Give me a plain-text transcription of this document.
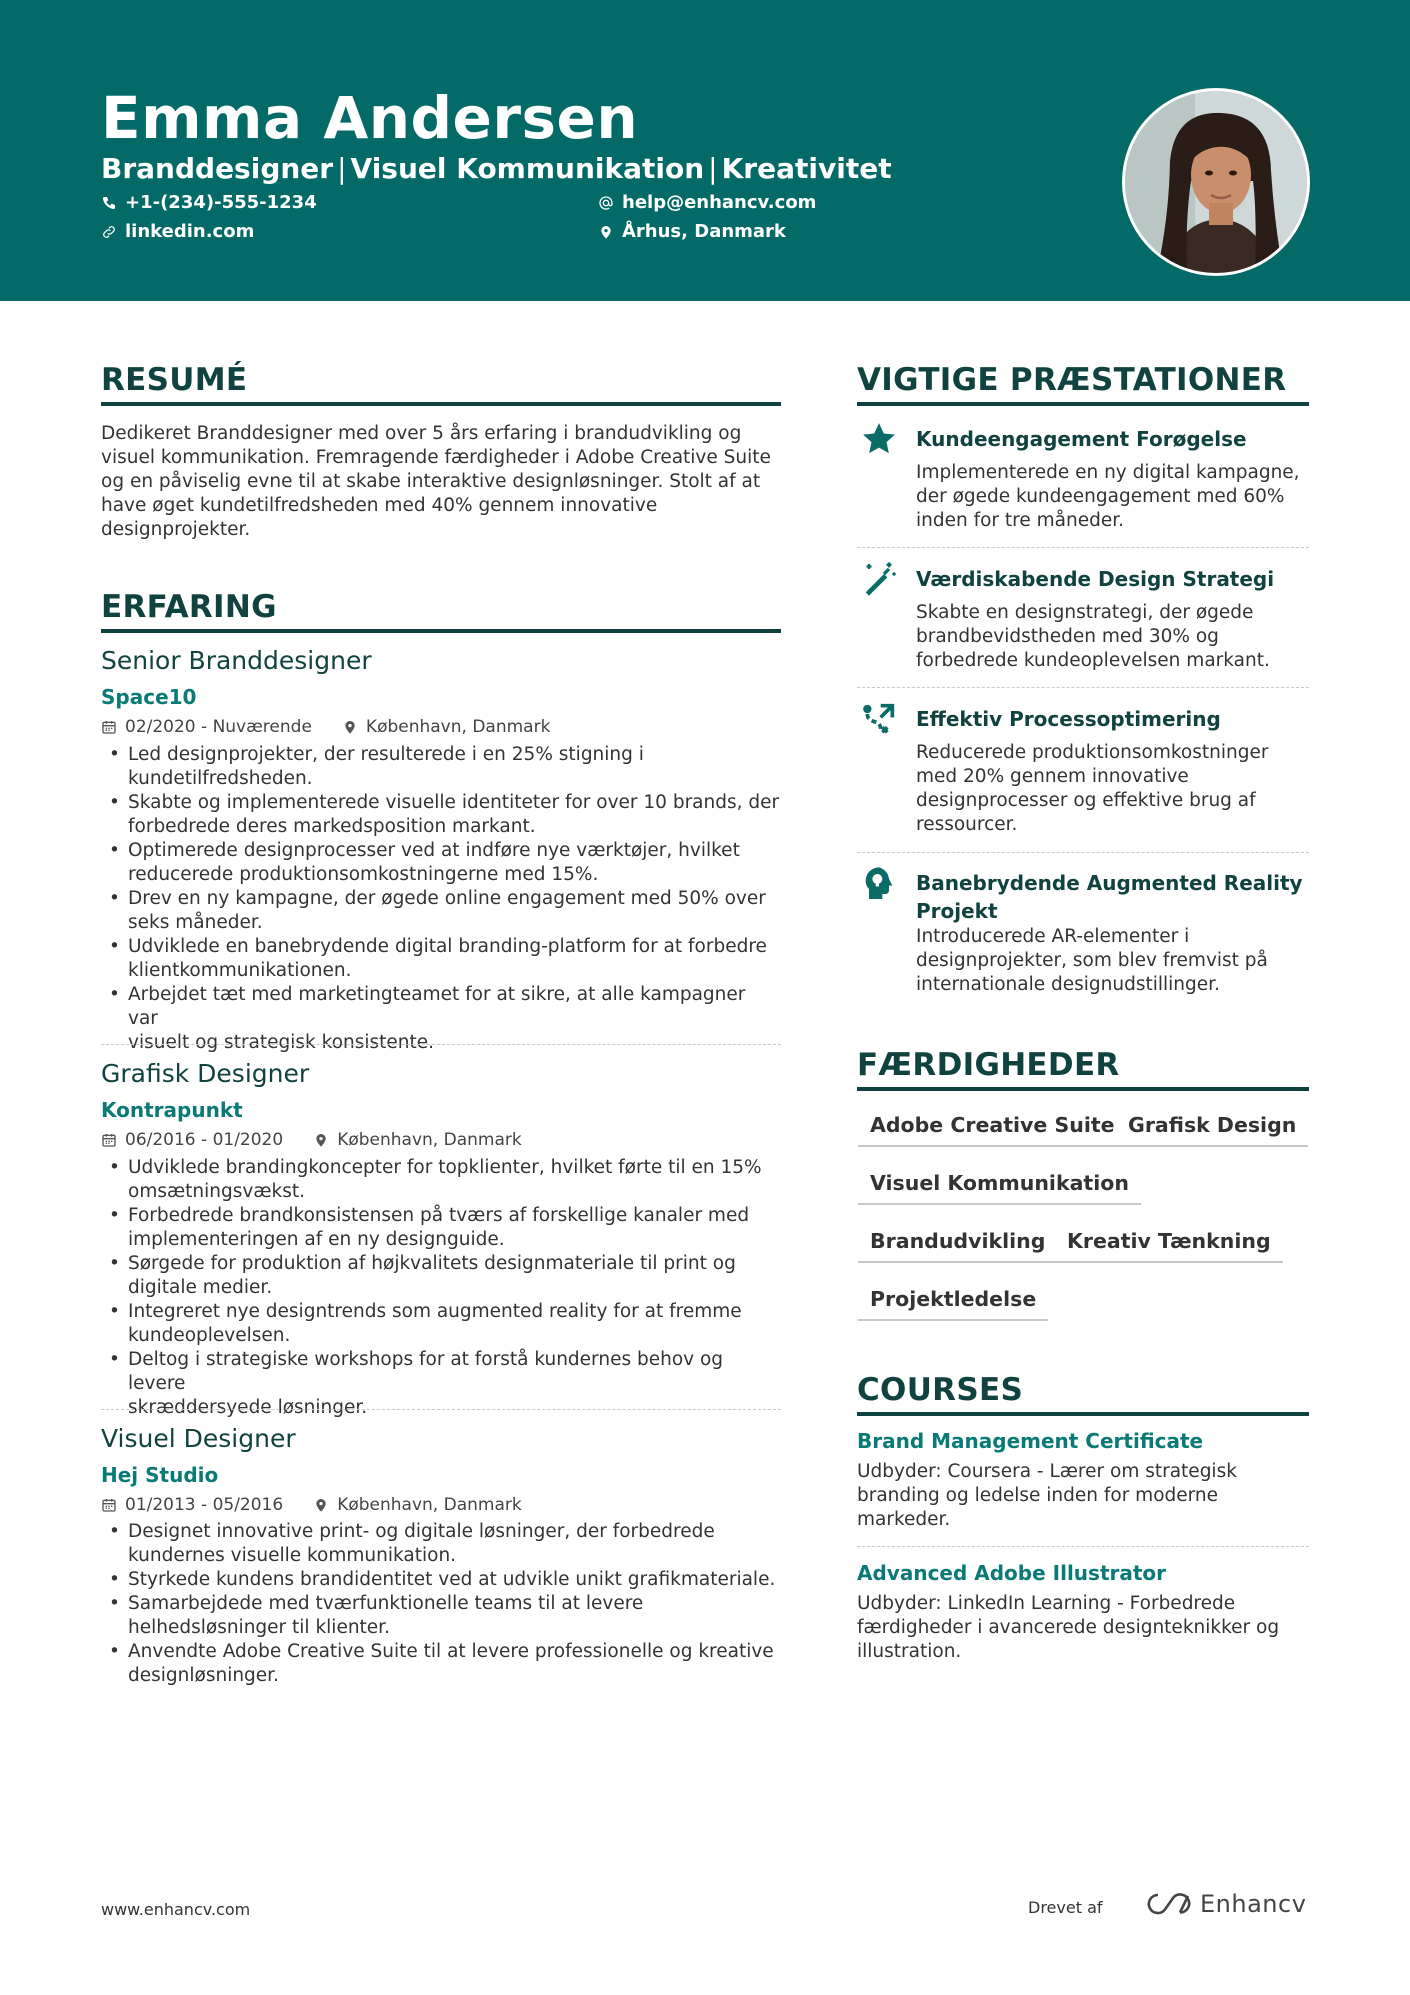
Emma Andersen
Branddesigner | Visuel Kommunikation | Kreativitet
+1-(234)-555-1234	help@enhancv.com
linkedin.com	Århus, Danmark
RESUMÉ
Dedikeret Branddesigner med over 5 års erfaring i brandudvikling og
visuel kommunikation. Fremragende færdigheder i Adobe Creative Suite
og en påviselig evne til at skabe interaktive designløsninger. Stolt af at
have øget kundetilfredsheden med 40% gennem innovative
designprojekter.
ERFARING
Senior Branddesigner
Space10
02/2020 - Nuværende	København, Danmark
• Led designprojekter, der resulterede i en 25% stigning i
kundetilfredsheden.
• Skabte og implementerede visuelle identiteter for over 10 brands, der
forbedrede deres markedsposition markant.
• Optimerede designprocesser ved at indføre nye værktøjer, hvilket
reducerede produktionsomkostningerne med 15%.
• Drev en ny kampagne, der øgede online engagement med 50% over
seks måneder.
• Udviklede en banebrydende digital branding-platform for at forbedre
klientkommunikationen.
• Arbejdet tæt med marketingteamet for at sikre, at alle kampagner var
visuelt og strategisk konsistente.
Grafisk Designer
Kontrapunkt
06/2016 - 01/2020	København, Danmark
• Udviklede brandingkoncepter for topklienter, hvilket førte til en 15%
omsætningsvækst.
• Forbedrede brandkonsistensen på tværs af forskellige kanaler med
implementeringen af en ny designguide.
• Sørgede for produktion af højkvalitets designmateriale til print og
digitale medier.
• Integreret nye designtrends som augmented reality for at fremme
kundeoplevelsen.
• Deltog i strategiske workshops for at forstå kundernes behov og levere
skræddersyede løsninger.
Visuel Designer
Hej Studio
01/2013 - 05/2016	København, Danmark
• Designet innovative print- og digitale løsninger, der forbedrede
kundernes visuelle kommunikation.
• Styrkede kundens brandidentitet ved at udvikle unikt grafikmateriale.
• Samarbejdede med tværfunktionelle teams til at levere
helhedsløsninger til klienter.
• Anvendte Adobe Creative Suite til at levere professionelle og kreative
designløsninger.
VIGTIGE PRÆSTATIONER
Kundeengagement Forøgelse
Implementerede en ny digital kampagne,
der øgede kundeengagement med 60%
inden for tre måneder.
Værdiskabende Design Strategi
Skabte en designstrategi, der øgede
brandbevidstheden med 30% og
forbedrede kundeoplevelsen markant.
Effektiv Processoptimering
Reducerede produktionsomkostninger
med 20% gennem innovative
designprocesser og effektive brug af
ressourcer.
Banebrydende Augmented Reality
Projekt
Introducerede AR-elementer i
designprojekter, som blev fremvist på
internationale designudstillinger.
FÆRDIGHEDER
Adobe Creative Suite Grafisk Design
Visuel Kommunikation
Brandudvikling	Kreativ Tænkning
Projektledelse
COURSES
Brand Management Certificate
Udbyder: Coursera - Lærer om strategisk
branding og ledelse inden for moderne
markeder.
Advanced Adobe Illustrator
Udbyder: LinkedIn Learning - Forbedrede
færdigheder i avancerede designteknikker og
illustration.
www.enhancv.com	Drevet af	Enhancv
